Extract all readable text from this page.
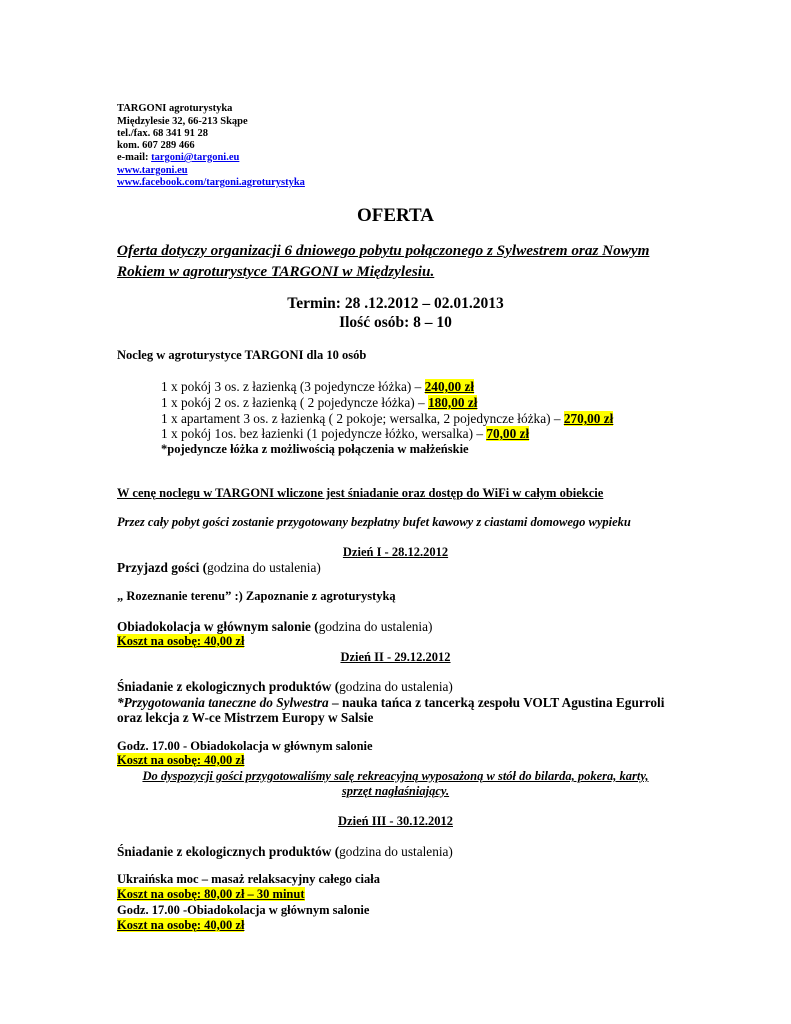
TARGONI agroturystyka
Międzylesie 32, 66-213 Skąpe
tel./fax. 68 341 91 28
kom. 607 289 466
e-mail: targoni@targoni.eu
www.targoni.eu
www.facebook.com/targoni.agroturystyka
OFERTA
Oferta dotyczy organizacji 6 dniowego pobytu połączonego z Sylwestrem oraz Nowym
Rokiem w agroturystyce TARGONI w Międzylesiu.
Termin: 28 .12.2012 – 02.01.2013
Ilość osób: 8 – 10
Nocleg w agroturystyce TARGONI dla 10 osób
1 x pokój 3 os. z łazienką (3 pojedyncze łóżka) – 240,00 zł
1 x pokój 2 os. z łazienką ( 2 pojedyncze łóżka) – 180,00 zł
1 x apartament 3 os. z łazienką ( 2 pokoje; wersalka, 2 pojedyncze łóżka) – 270,00 zł
1 x pokój 1os. bez łazienki (1 pojedyncze łóżko, wersalka) – 70,00 zł
*pojedyncze łóżka z możliwością połączenia w małżeńskie
W cenę noclegu w TARGONI wliczone jest śniadanie oraz dostęp do WiFi w całym obiekcie
Przez cały pobyt gości zostanie przygotowany bezpłatny bufet kawowy z ciastami domowego wypieku
Dzień I - 28.12.2012
Przyjazd gości (godzina do ustalenia)
„ Rozeznanie terenu” :) Zapoznanie z agroturystyką
Obiadokolacja w głównym salonie (godzina do ustalenia)
Koszt na osobę: 40,00 zł
Dzień II - 29.12.2012
Śniadanie z ekologicznych produktów (godzina do ustalenia)
*Przygotowania taneczne do Sylwestra – nauka tańca z tancerką zespołu VOLT Agustina Egurroli
oraz lekcja z W-ce Mistrzem Europy w Salsie
Godz. 17.00 - Obiadokolacja w głównym salonie
Koszt na osobę: 40,00 zł
Do dyspozycji gości przygotowaliśmy salę rekreacyjną wyposażoną w stół do bilarda, pokera, karty,
sprzęt nagłaśniający.
Dzień III - 30.12.2012
Śniadanie z ekologicznych produktów (godzina do ustalenia)
Ukraińska moc – masaż relaksacyjny całego ciała
Koszt na osobę: 80,00 zł – 30 minut
Godz. 17.00 -Obiadokolacja w głównym salonie
Koszt na osobę: 40,00 zł
